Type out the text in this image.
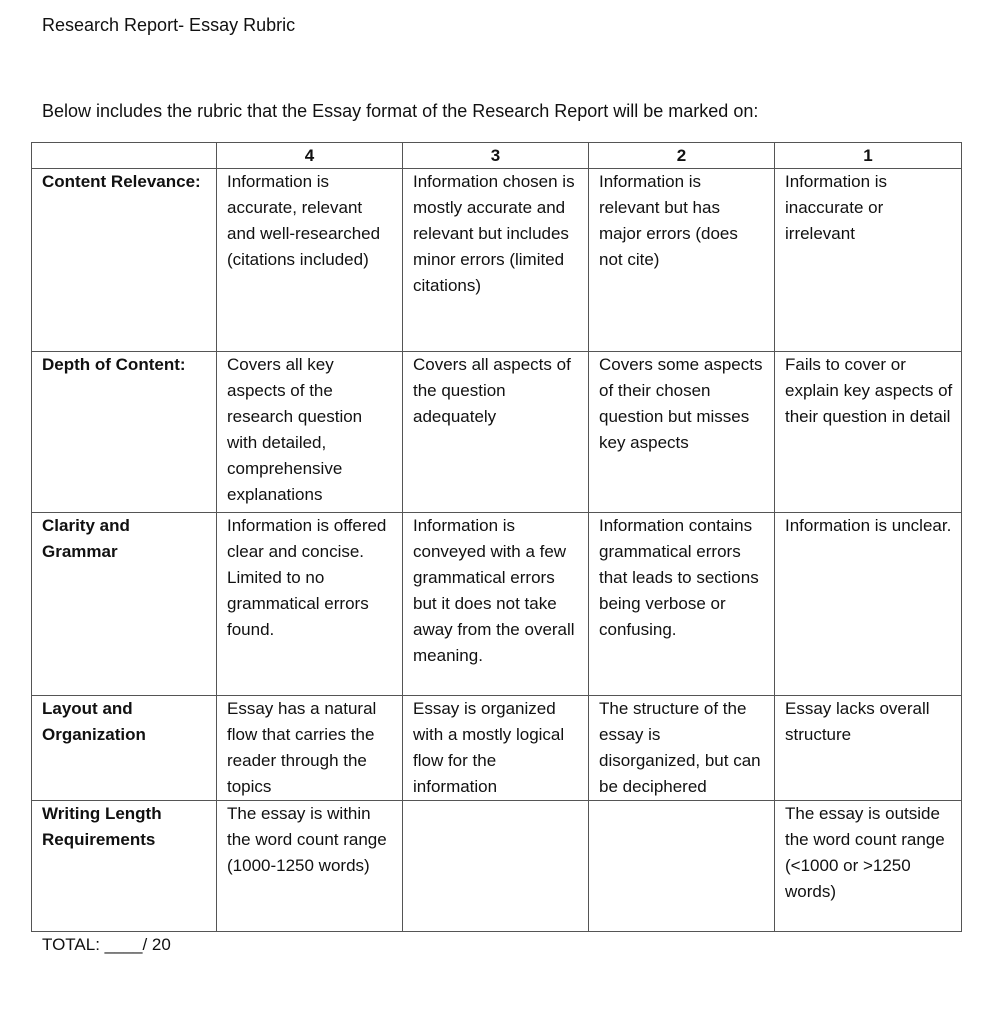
Research Report- Essay Rubric
Below includes the rubric that the Essay format of the Research Report will be marked on:
	4	3	2	1
Content Relevance:	Information is accurate, relevant and well-researched (citations included)	Information chosen is mostly accurate and relevant but includes minor errors (limited citations)	Information is relevant but has major errors (does not cite)	Information is inaccurate or irrelevant
Depth of Content:	Covers all key aspects of the research question with detailed, comprehensive explanations	Covers all aspects of the question adequately	Covers some aspects of their chosen question but misses key aspects	Fails to cover or explain key aspects of their question in detail
Clarity and Grammar	Information is offered clear and concise. Limited to no grammatical errors found.	Information is conveyed with a few grammatical errors but it does not take away from the overall meaning.	Information contains grammatical errors that leads to sections being verbose or confusing.	Information is unclear.
Layout and Organization	Essay has a natural flow that carries the reader through the topics	Essay is organized with a mostly logical flow for the information	The structure of the essay is disorganized, but can be deciphered	Essay lacks overall structure
Writing Length Requirements	The essay is within the word count range (1000-1250 words)			The essay is outside the word count range (<1000 or >1250 words)
TOTAL: ____/ 20
